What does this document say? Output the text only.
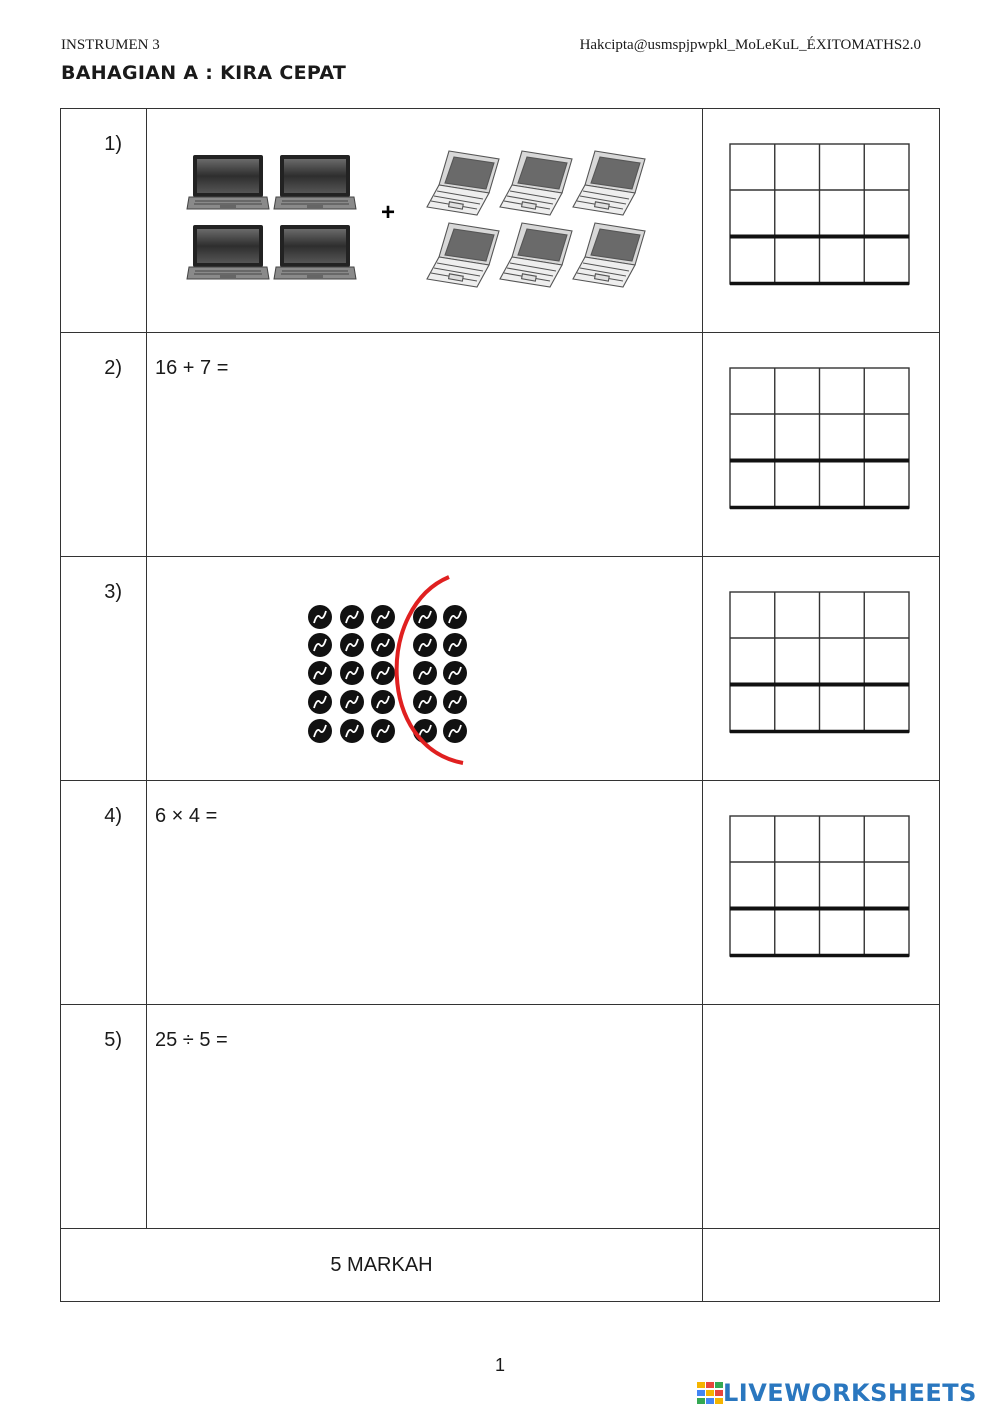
INSTRUMEN 3	Hakcipta@usmspjpwpkl_MoLeKuL_ÉXITOMATHS2.0
BAHAGIAN A : KIRA CEPAT
1)	+

2)	16 + 7 =

3)

4)	6 × 4 =

5)	25 ÷ 5 =	

5 MARKAH		
1
LIVEWORKSHEETS
